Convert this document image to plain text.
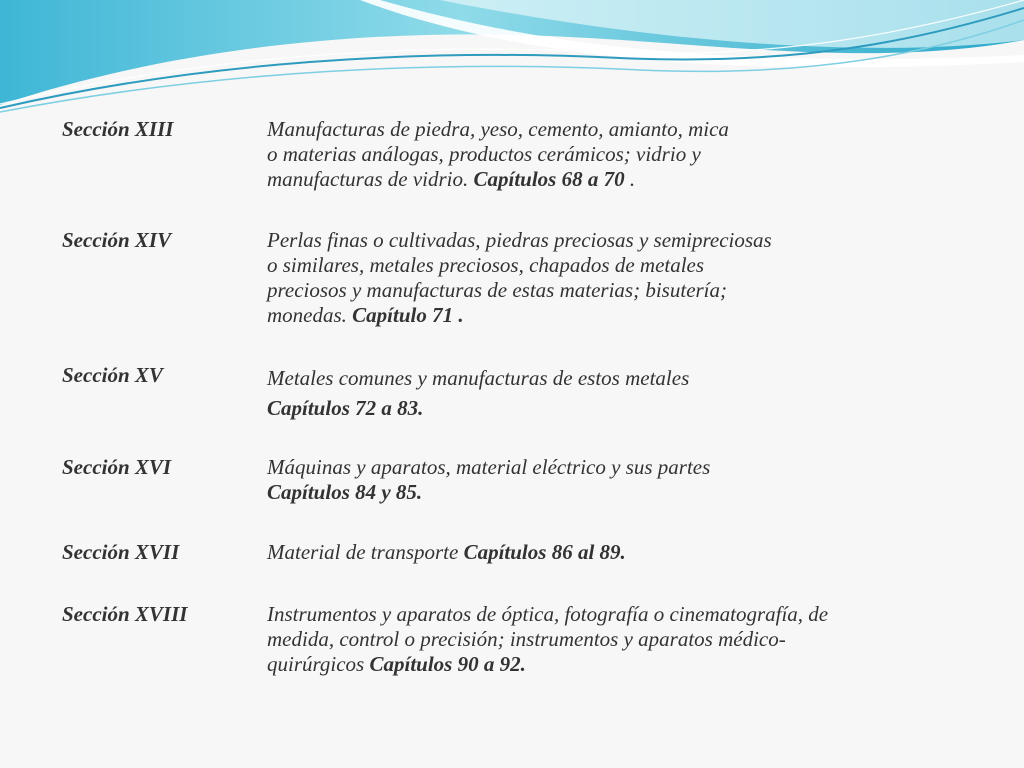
Sección XIII	Manufacturas de piedra, yeso, cemento, amianto, mica
o materias análogas, productos cerámicos; vidrio y
manufacturas de vidrio. Capítulos 68 a 70 .
Sección XIV	Perlas finas o cultivadas, piedras preciosas y semipreciosas
o similares, metales preciosos, chapados de metales
preciosos y manufacturas de estas materias; bisutería;
monedas. Capítulo 71 .
Sección XV	Metales comunes y manufacturas de estos metales
Capítulos 72 a 83.
Sección XVI	Máquinas y aparatos, material eléctrico y sus partes
Capítulos 84 y 85.
Sección XVII	Material de transporte Capítulos 86 al 89.
Sección XVIII	Instrumentos y aparatos de óptica, fotografía o cinematografía, de
medida, control o precisión; instrumentos y aparatos médico-
quirúrgicos Capítulos 90 a 92.
